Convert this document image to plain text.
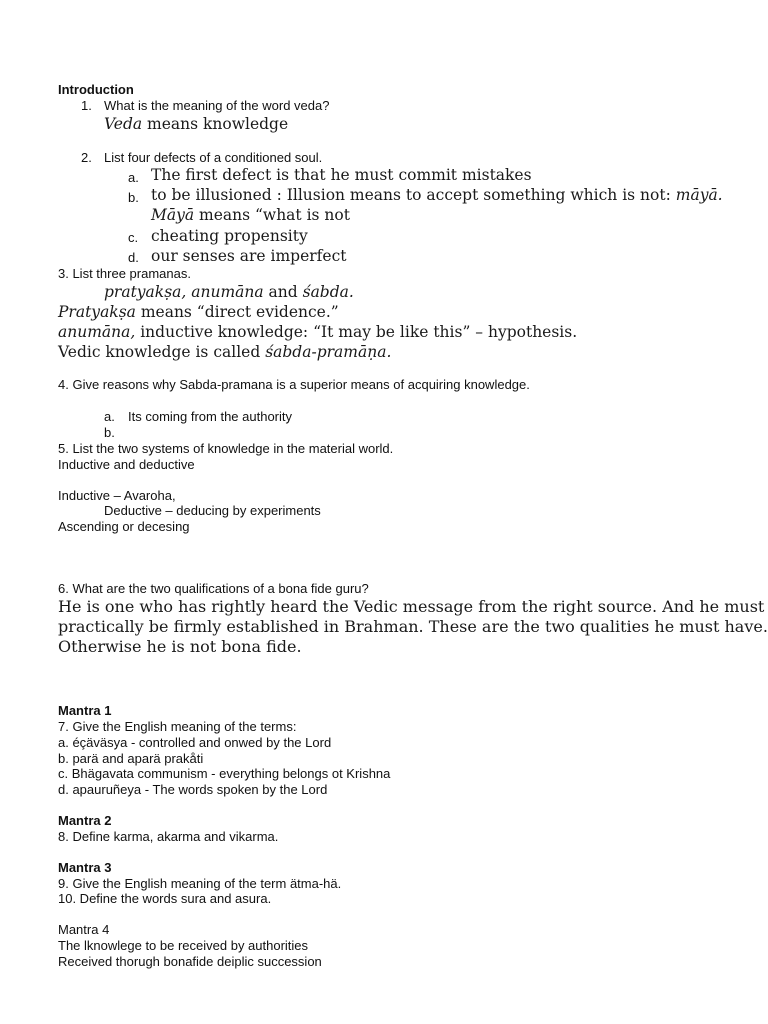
Introduction
1. What is the meaning of the word veda?
Veda means knowledge
2. List four defects of a conditioned soul.
a. The first defect is that he must commit mistakes
b. to be illusioned : Illusion means to accept something which is not: māyā.
Māyā means “what is not
c. cheating propensity
d. our senses are imperfect
3. List three pramanas.
pratyakṣa, anumāna and śabda.
Pratyakṣa means “direct evidence.”
anumāna, inductive knowledge: “It may be like this” – hypothesis.
Vedic knowledge is called śabda-pramāṇa.
4. Give reasons why Sabda-pramana is a superior means of acquiring knowledge.
a. Its coming from the authority
b.
5. List the two systems of knowledge in the material world.
Inductive and deductive
Inductive – Avaroha,
Deductive – deducing by experiments
Ascending or decesing
6. What are the two qualifications of a bona fide guru?
He is one who has rightly heard the Vedic message from the right source. And he must
practically be firmly established in Brahman. These are the two qualities he must have.
Otherwise he is not bona fide.
Mantra 1
7. Give the English meaning of the terms:
a. éçäväsya - controlled and onwed by the Lord
b. parä and aparä prakåti
c. Bhägavata communism - everything belongs ot Krishna
d. apauruñeya - The words spoken by the Lord
Mantra 2
8. Define karma, akarma and vikarma.
Mantra 3
9. Give the English meaning of the term ätma-hä.
10. Define the words sura and asura.
Mantra 4
The lknowlege to be received by authorities
Received thorugh bonafide deiplic succession
